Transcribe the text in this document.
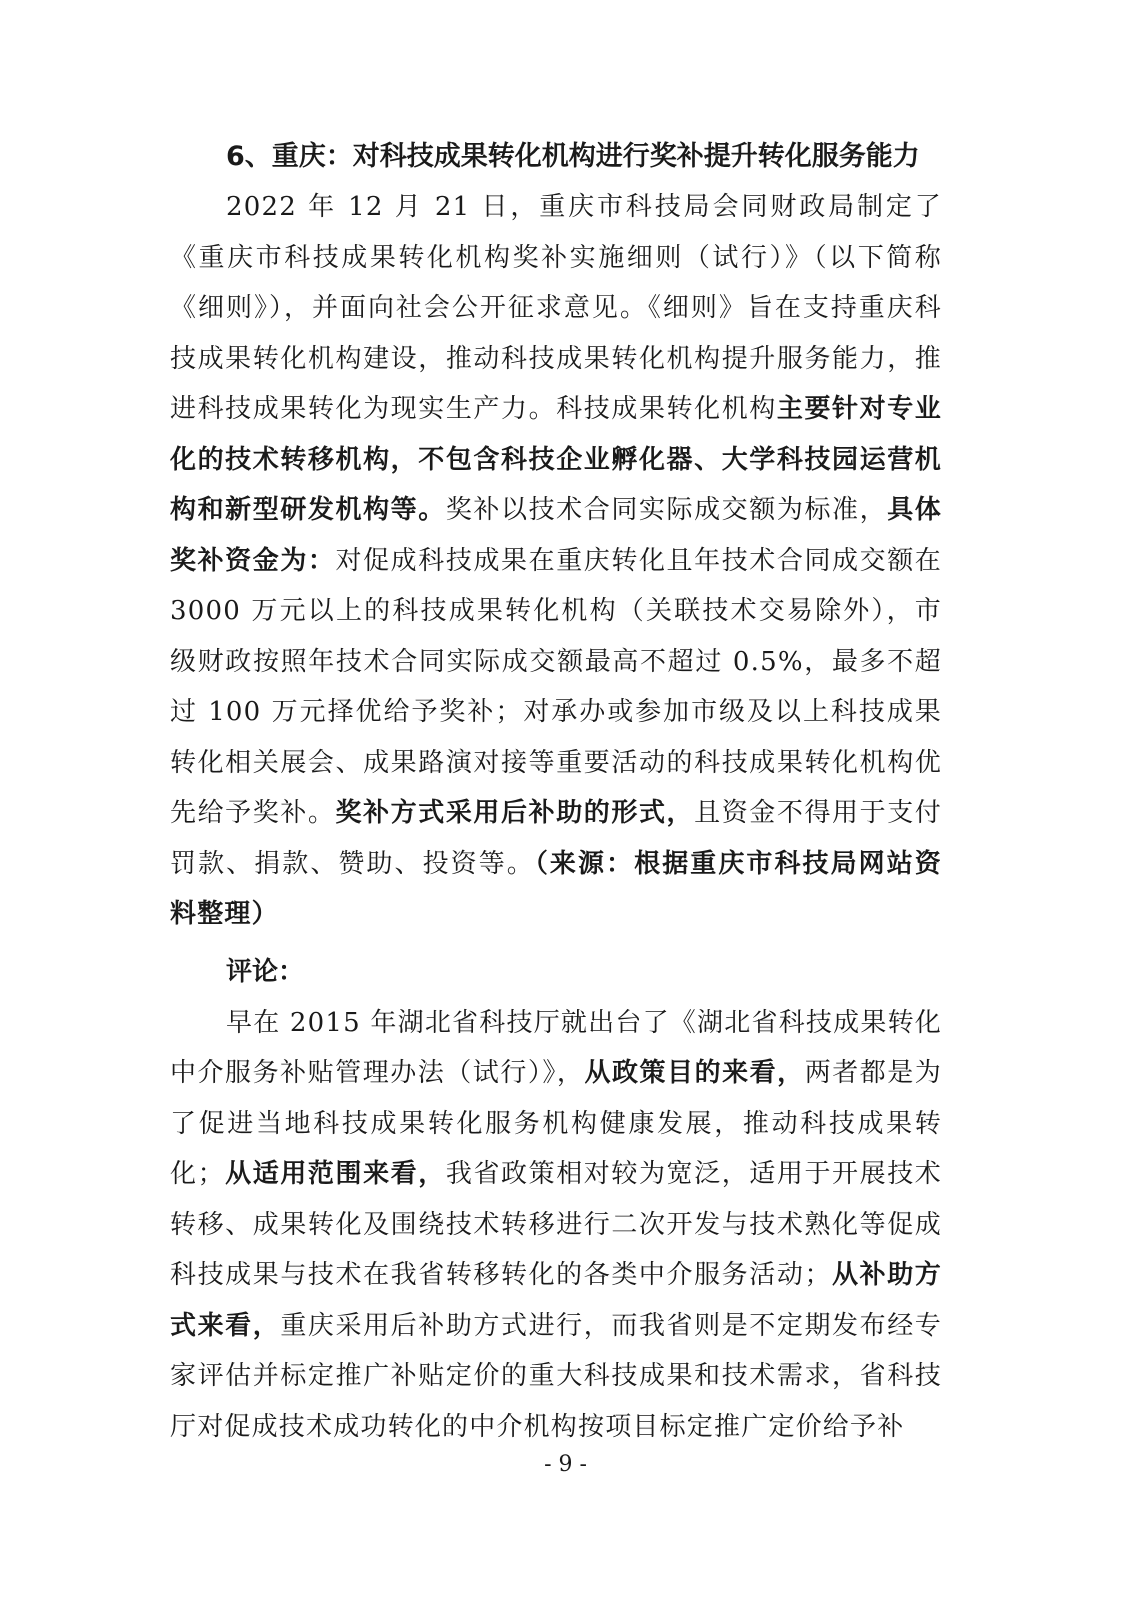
6、重庆：对科技成果转化机构进行奖补提升转化服务能力

2022 年 12 月 21 日，重庆市科技局会同财政局制定了《重庆市科技成果转化机构奖补实施细则（试行）》（以下简称《细则》），并面向社会公开征求意见。《细则》旨在支持重庆科技成果转化机构建设，推动科技成果转化机构提升服务能力，推进科技成果转化为现实生产力。科技成果转化机构主要针对专业化的技术转移机构，不包含科技企业孵化器、大学科技园运营机构和新型研发机构等。奖补以技术合同实际成交额为标准，具体奖补资金为：对促成科技成果在重庆转化且年技术合同成交额在 3000 万元以上的科技成果转化机构（关联技术交易除外），市级财政按照年技术合同实际成交额最高不超过 0.5%，最多不超过 100 万元择优给予奖补；对承办或参加市级及以上科技成果转化相关展会、成果路演对接等重要活动的科技成果转化机构优先给予奖补。奖补方式采用后补助的形式，且资金不得用于支付罚款、捐款、赞助、投资等。（来源：根据重庆市科技局网站资料整理）

评论：

早在 2015 年湖北省科技厅就出台了《湖北省科技成果转化中介服务补贴管理办法（试行）》，从政策目的来看，两者都是为了促进当地科技成果转化服务机构健康发展，推动科技成果转化；从适用范围来看，我省政策相对较为宽泛，适用于开展技术转移、成果转化及围绕技术转移进行二次开发与技术熟化等促成科技成果与技术在我省转移转化的各类中介服务活动；从补助方式来看，重庆采用后补助方式进行，而我省则是不定期发布经专家评估并标定推广补贴定价的重大科技成果和技术需求，省科技厅对促成技术成功转化的中介机构按项目标定推广定价给予补

- 9 -
